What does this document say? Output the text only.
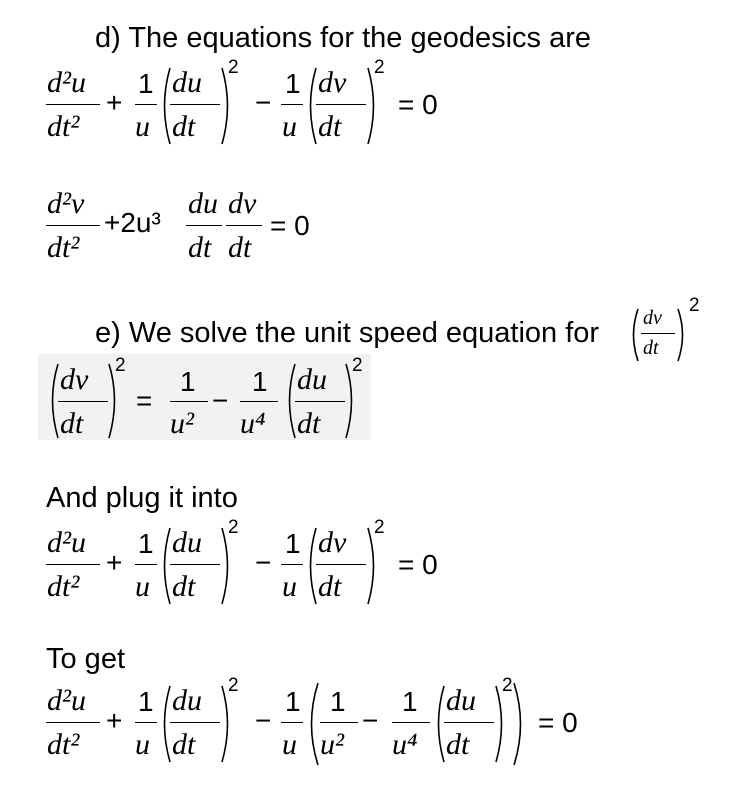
d) The equations for the geodesics are
d²u
dt²
+
1
u
du
dt
2
−
1
u
dv
dt
2
= 0
d²v
dt²
+2u³
du
dt
dv
dt
= 0
e) We solve the unit speed equation for dv
dt
2
dv
dt
2
=
1
u²
−
1
u⁴
du
dt
2
And plug it into
d²u
dt²
+
1
u
du
dt
2
−
1
u
dv
dt
2
= 0
To get
d²u
dt²
+
1
u
du
dt
2
−
1
u
1
u²
−
1
u⁴
du
dt
2
= 0
